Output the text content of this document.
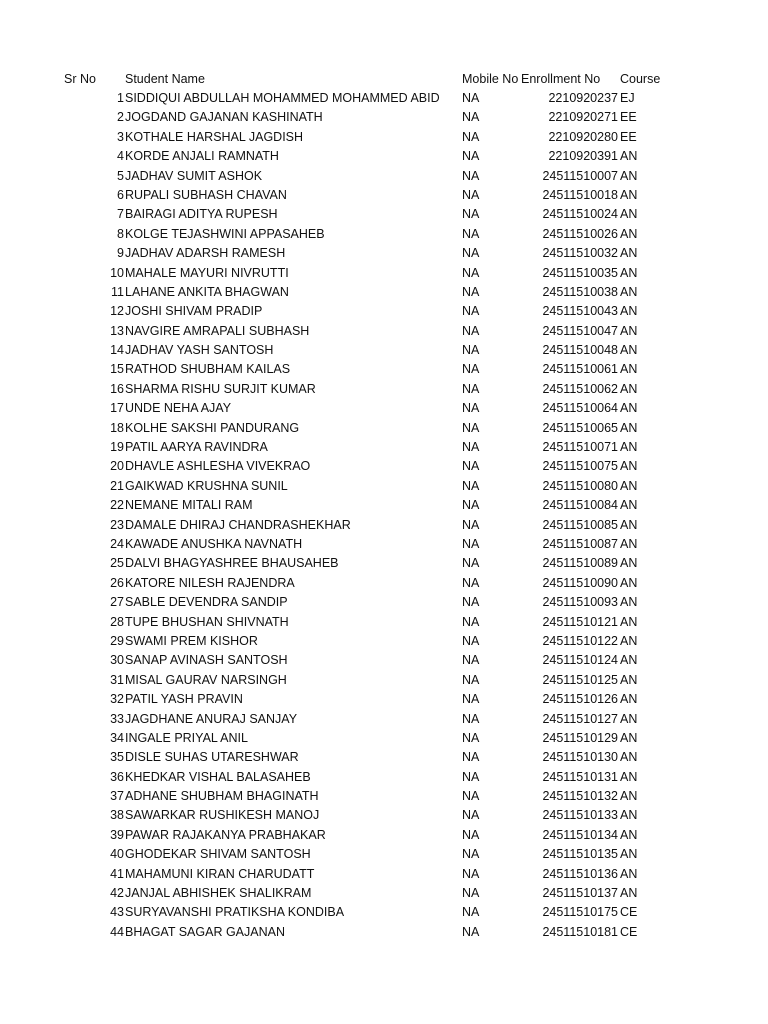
Sr No Student Name	Mobile No Enrollment No Course
1 SIDDIQUI ABDULLAH MOHAMMED MOHAMMED ABID NA	2210920237 EJ
2 JOGDAND GAJANAN KASHINATH	NA	2210920271 EE
3 KOTHALE HARSHAL JAGDISH	NA	2210920280 EE
4 KORDE ANJALI RAMNATH	NA	2210920391 AN
5 JADHAV SUMIT ASHOK	NA	24511510007 AN
6 RUPALI SUBHASH CHAVAN	NA	24511510018 AN
7 BAIRAGI ADITYA RUPESH	NA	24511510024 AN
8 KOLGE TEJASHWINI APPASAHEB	NA	24511510026 AN
9 JADHAV ADARSH RAMESH	NA	24511510032 AN
10 MAHALE MAYURI NIVRUTTI	NA	24511510035 AN
11 LAHANE ANKITA BHAGWAN	NA	24511510038 AN
12 JOSHI SHIVAM PRADIP	NA	24511510043 AN
13 NAVGIRE AMRAPALI SUBHASH	NA	24511510047 AN
14 JADHAV YASH SANTOSH	NA	24511510048 AN
15 RATHOD SHUBHAM KAILAS	NA	24511510061 AN
16 SHARMA RISHU SURJIT KUMAR	NA	24511510062 AN
17 UNDE NEHA AJAY	NA	24511510064 AN
18 KOLHE SAKSHI PANDURANG	NA	24511510065 AN
19 PATIL AARYA RAVINDRA	NA	24511510071 AN
20 DHAVLE ASHLESHA VIVEKRAO	NA	24511510075 AN
21 GAIKWAD KRUSHNA SUNIL	NA	24511510080 AN
22 NEMANE MITALI RAM	NA	24511510084 AN
23 DAMALE DHIRAJ CHANDRASHEKHAR	NA	24511510085 AN
24 KAWADE ANUSHKA NAVNATH	NA	24511510087 AN
25 DALVI BHAGYASHREE BHAUSAHEB	NA	24511510089 AN
26 KATORE NILESH RAJENDRA	NA	24511510090 AN
27 SABLE DEVENDRA SANDIP	NA	24511510093 AN
28 TUPE BHUSHAN SHIVNATH	NA	24511510121 AN
29 SWAMI PREM KISHOR	NA	24511510122 AN
30 SANAP AVINASH SANTOSH	NA	24511510124 AN
31 MISAL GAURAV NARSINGH	NA	24511510125 AN
32 PATIL YASH PRAVIN	NA	24511510126 AN
33 JAGDHANE ANURAJ SANJAY	NA	24511510127 AN
34 INGALE PRIYAL ANIL	NA	24511510129 AN
35 DISLE SUHAS UTARESHWAR	NA	24511510130 AN
36 KHEDKAR VISHAL BALASAHEB	NA	24511510131 AN
37 ADHANE SHUBHAM BHAGINATH	NA	24511510132 AN
38 SAWARKAR RUSHIKESH MANOJ	NA	24511510133 AN
39 PAWAR RAJAKANYA PRABHAKAR	NA	24511510134 AN
40 GHODEKAR SHIVAM SANTOSH	NA	24511510135 AN
41 MAHAMUNI KIRAN CHARUDATT	NA	24511510136 AN
42 JANJAL ABHISHEK SHALIKRAM	NA	24511510137 AN
43 SURYAVANSHI PRATIKSHA KONDIBA	NA	24511510175 CE
44 BHAGAT SAGAR GAJANAN	NA	24511510181 CE
